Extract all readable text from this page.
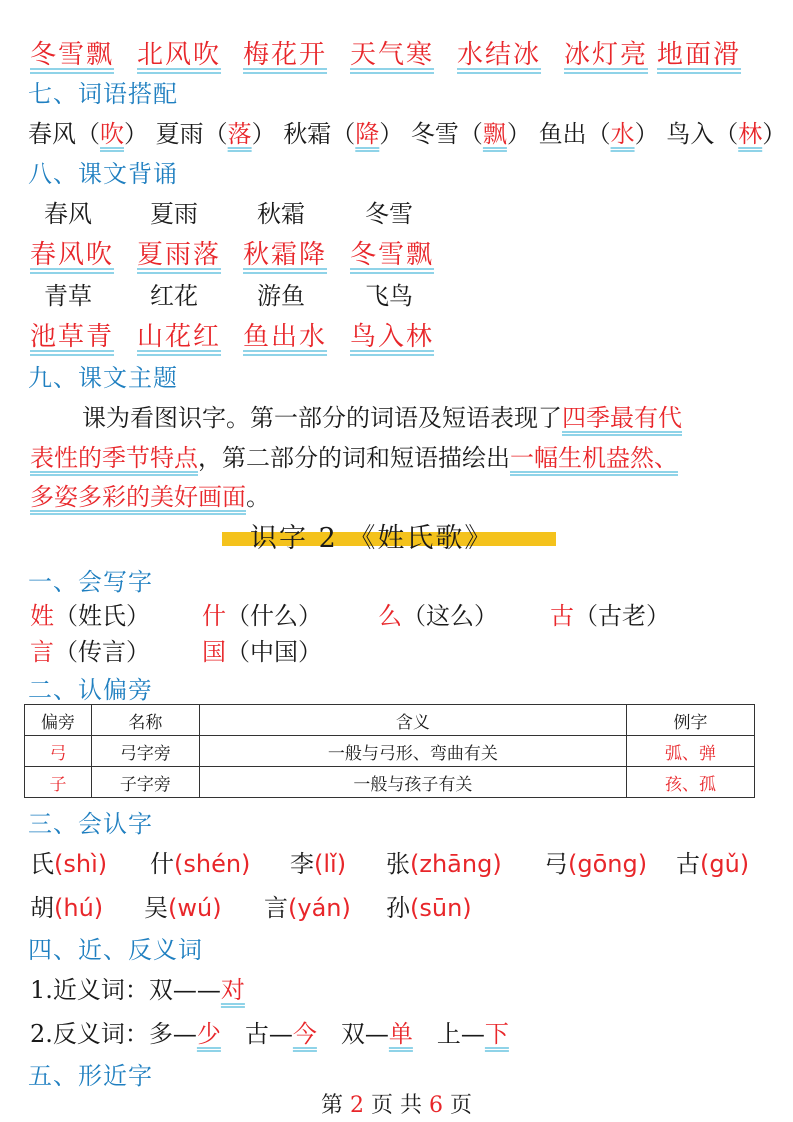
冬雪飘 北风吹 梅花开 天气寒 水结冰 冰灯亮 地面滑
七、词语搭配
春风（吹） 夏雨（落） 秋霜（降） 冬雪（飘） 鱼出（水） 鸟入（林）
八、课文背诵
春风 夏雨 秋霜	冬雪
春风吹 夏雨落 秋霜降 冬雪飘
青草 红花 游鱼	飞鸟
池草青 山花红 鱼出水 鸟入林
九、课文主题
课为看图识字。第一部分的词语及短语表现了四季最有代
表性的季节特点，第二部分的词和短语描绘出一幅生机盎然、
多姿多彩的美好画面。
识字 2 《姓氏歌》
一、会写字
姓（姓氏） 什（什么） 么（这么） 古（古老）
言（传言） 国（中国）
二、认偏旁
偏旁	名称	含义	例字
弓	弓字旁	一般与弓形、弯曲有关	弧、弹
子	子字旁	一般与孩子有关	孩、孤
三、会认字
氏(shì) 什(shén) 李(lǐ) 张(zhāng) 弓(gōng) 古(gǔ)
胡(hú) 吴(wú) 言(yán) 孙(sūn)
四、近、反义词
1.近义词：双——对
2.反义词：多—少 古—今 双—单 上—下
五、形近字
第 2 页 共 6 页
